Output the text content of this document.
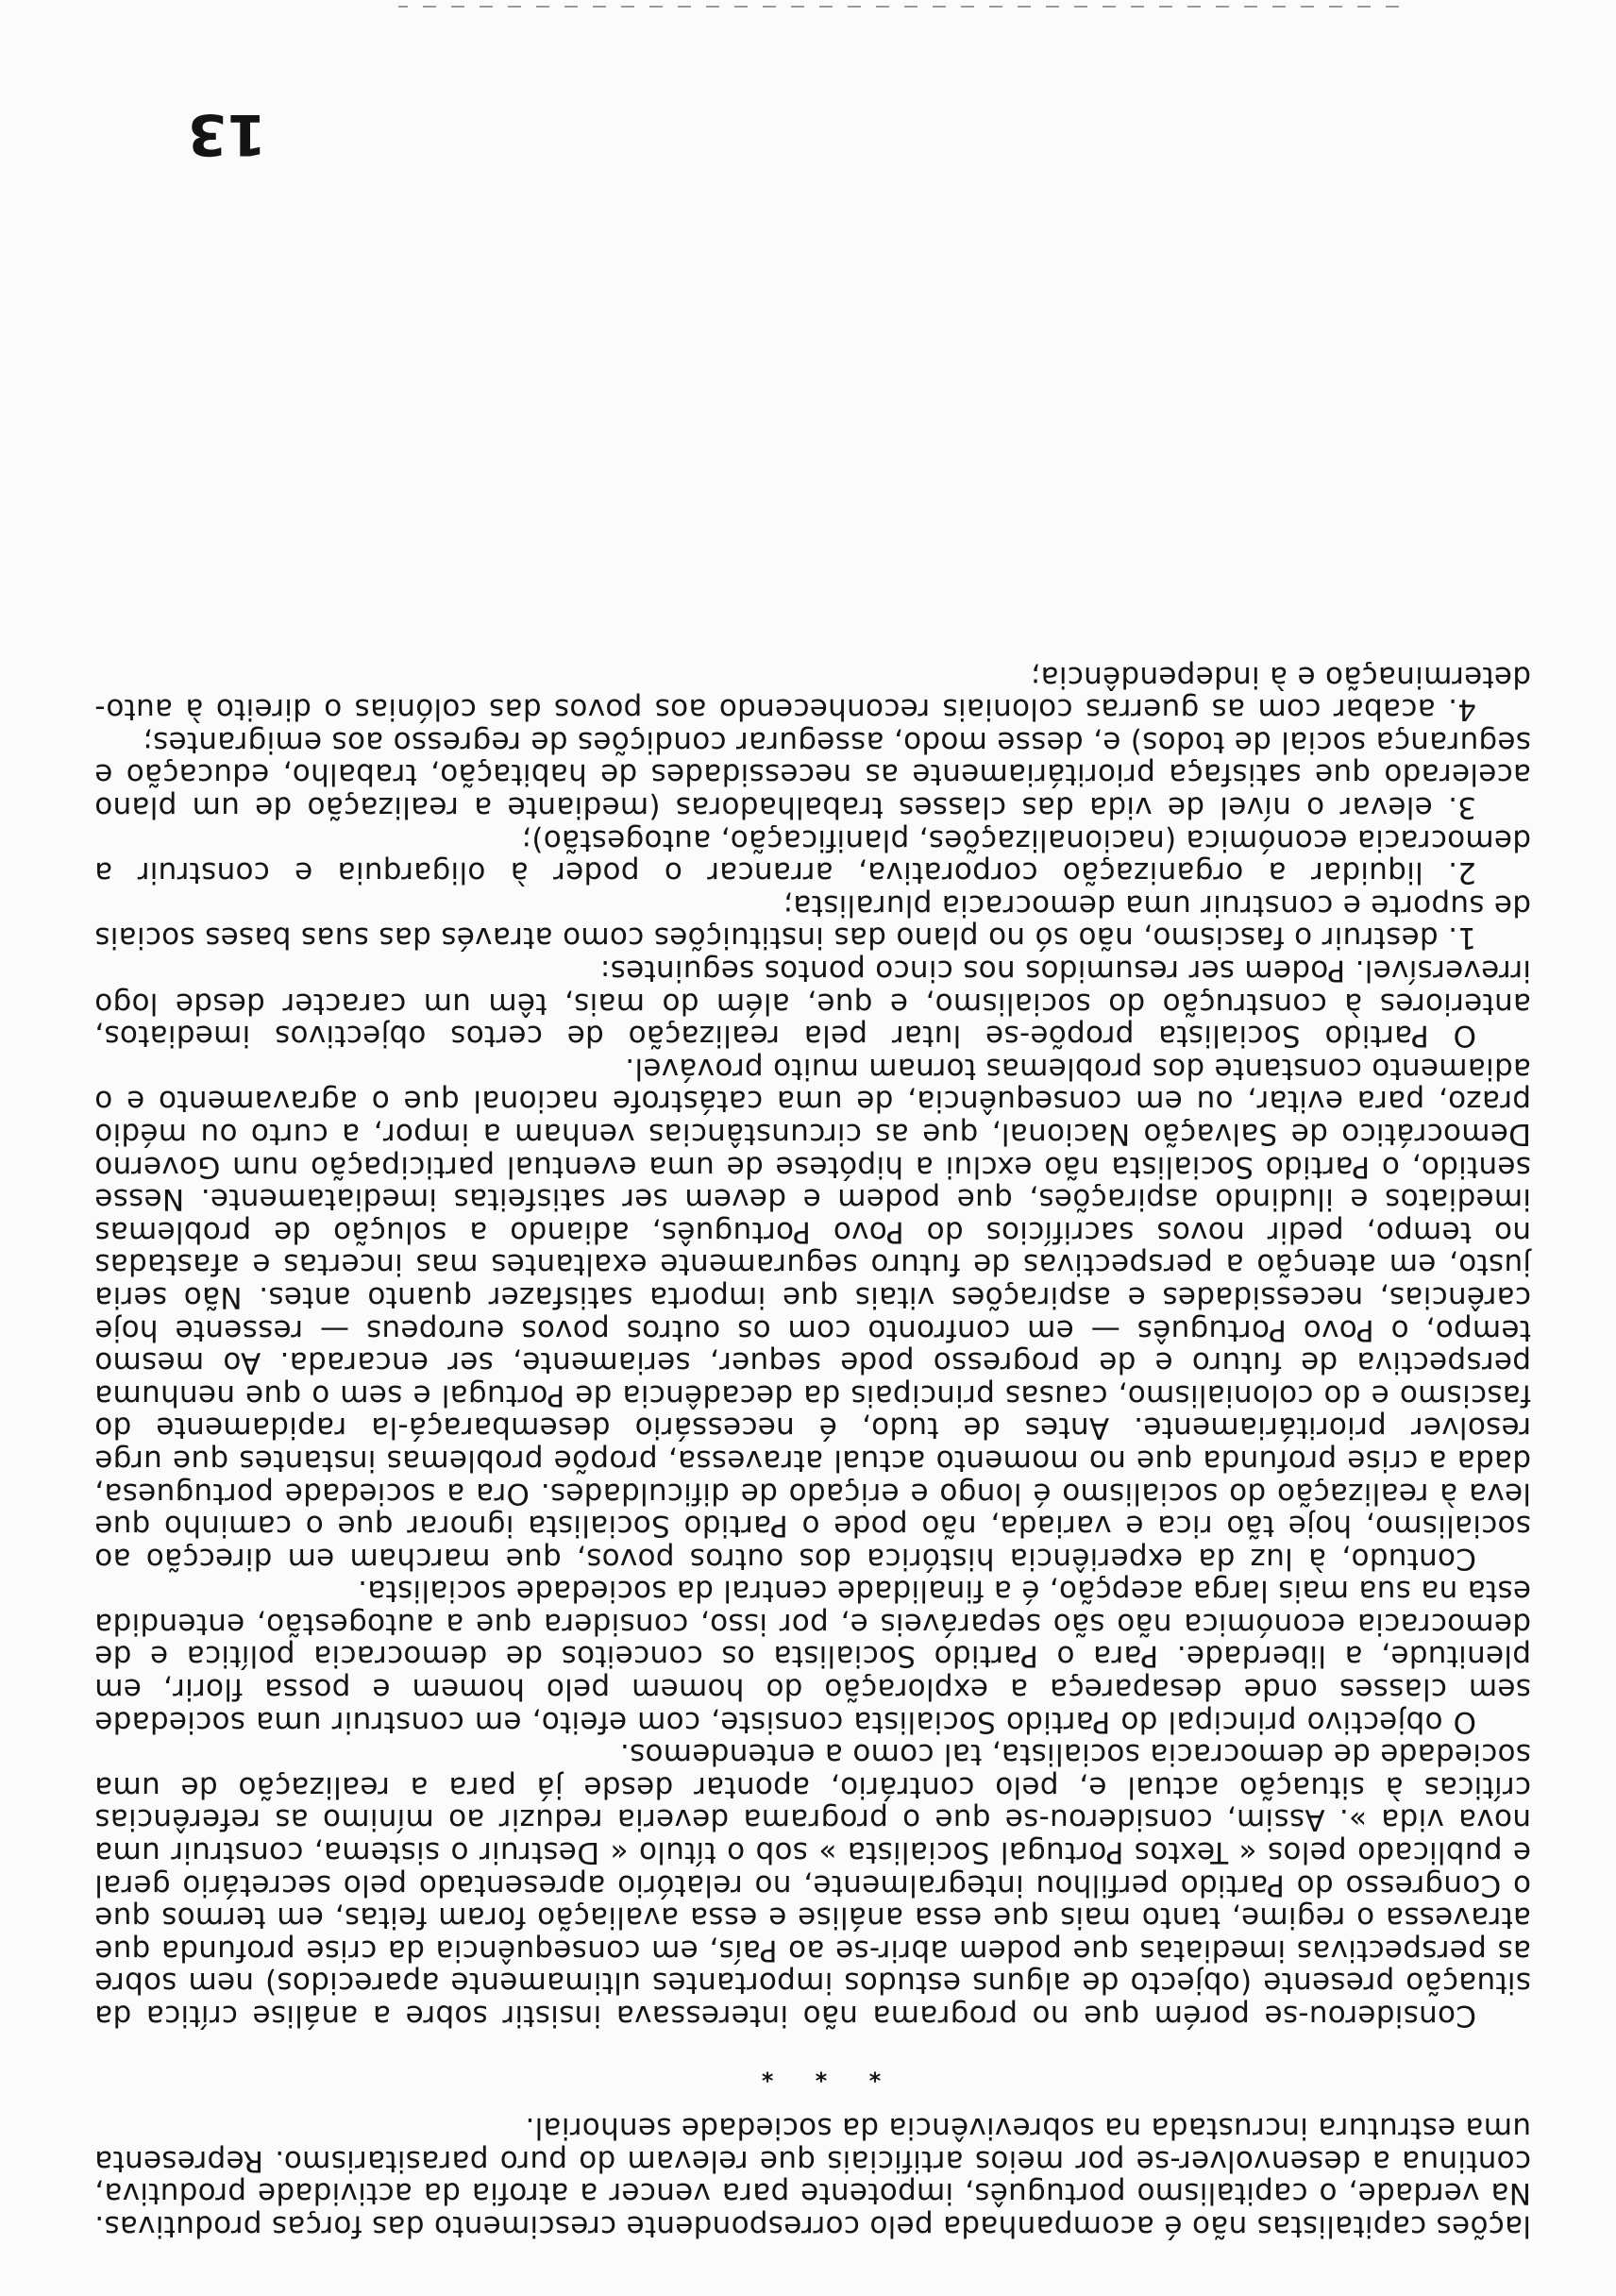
lações capitalistas não é acompanhada pelo correspondente crescimento das forças produtivas. Na verdade, o capitalismo português, impotente para vencer a atrofia da actividade produtiva, continua a desenvolver-se por meios artificiais que relevam do puro parasitarismo. Representa uma estrutura incrustada na sobrevivência da sociedade senhorial.

* * *

Considerou-se porém que no programa não interessava insistir sobre a análise crítica da situação presente (objecto de alguns estudos importantes ultimamente aparecidos) nem sobre as perspectivas imediatas que podem abrir-se ao País, em consequência da crise profunda que atravessa o regime, tanto mais que essa análise e essa avaliação foram feitas, em termos que o Congresso do Partido perfilhou integralmente, no relatório apresentado pelo secretário geral e publicado pelos « Textos Portugal Socialista » sob o título « Destruir o sistema, construir uma nova vida ». Assim, considerou-se que o programa deveria reduzir ao mínimo as referências críticas à situação actual e, pelo contrário, apontar desde já para a realização de uma sociedade de democracia socialista, tal como a entendemos.

O objectivo principal do Partido Socialista consiste, com efeito, em construir uma sociedade sem classes onde desapareça a exploração do homem pelo homem e possa florir, em plenitude, a liberdade. Para o Partido Socialista os conceitos de democracia política e de democracia económica não são separáveis e, por isso, considera que a autogestão, entendida esta na sua mais larga acepção, é a finalidade central da sociedade socialista.

Contudo, à luz da experiência histórica dos outros povos, que marcham em direcção ao socialismo, hoje tão rica e variada, não pode o Partido Socialista ignorar que o caminho que leva à realização do socialismo é longo e eriçado de dificuldades. Ora a sociedade portuguesa, dada a crise profunda que no momento actual atravessa, propõe problemas instantes que urge resolver prioritáriamente. Antes de tudo, é necessário desembaraçá-la rapidamente do fascismo e do colonialismo, causas principais da decadência de Portugal e sem o que nenhuma perspectiva de futuro e de progresso pode sequer, seriamente, ser encarada. Ao mesmo tempo, o Povo Português — em confronto com os outros povos europeus — ressente hoje carências, necessidades e aspirações vitais que importa satisfazer quanto antes. Não seria justo, em atenção a perspectivas de futuro seguramente exaltantes mas incertas e afastadas no tempo, pedir novos sacrifícios do Povo Português, adiando a solução de problemas imediatos e iludindo aspirações, que podem e devem ser satisfeitas imediatamente. Nesse sentido, o Partido Socialista não exclui a hipótese de uma eventual participação num Governo Democrático de Salvação Nacional, que as circunstâncias venham a impor, a curto ou médio prazo, para evitar, ou em consequência, de uma catástrofe nacional que o agravamento e o adiamento constante dos problemas tornam muito provável.

O Partido Socialista propõe-se lutar pela realização de certos objectivos imediatos, anteriores à construção do socialismo, e que, além do mais, têm um caracter desde logo irreversível. Podem ser resumidos nos cinco pontos seguintes:

1. destruir o fascismo, não só no plano das instituições como através das suas bases sociais de suporte e construir uma democracia pluralista;

2. liquidar a organização corporativa, arrancar o poder à oligarquia e construir a democracia económica (nacionalizações, planificação, autogestão);

3. elevar o nível de vida das classes trabalhadoras (mediante a realização de um plano acelerado que satisfaça prioritáriamente as necessidades de habitação, trabalho, educação e segurança social de todos) e, desse modo, assegurar condições de regresso aos emigrantes;

4. acabar com as guerras coloniais reconhecendo aos povos das colónias o direito à auto-determinação e à independência;

13
